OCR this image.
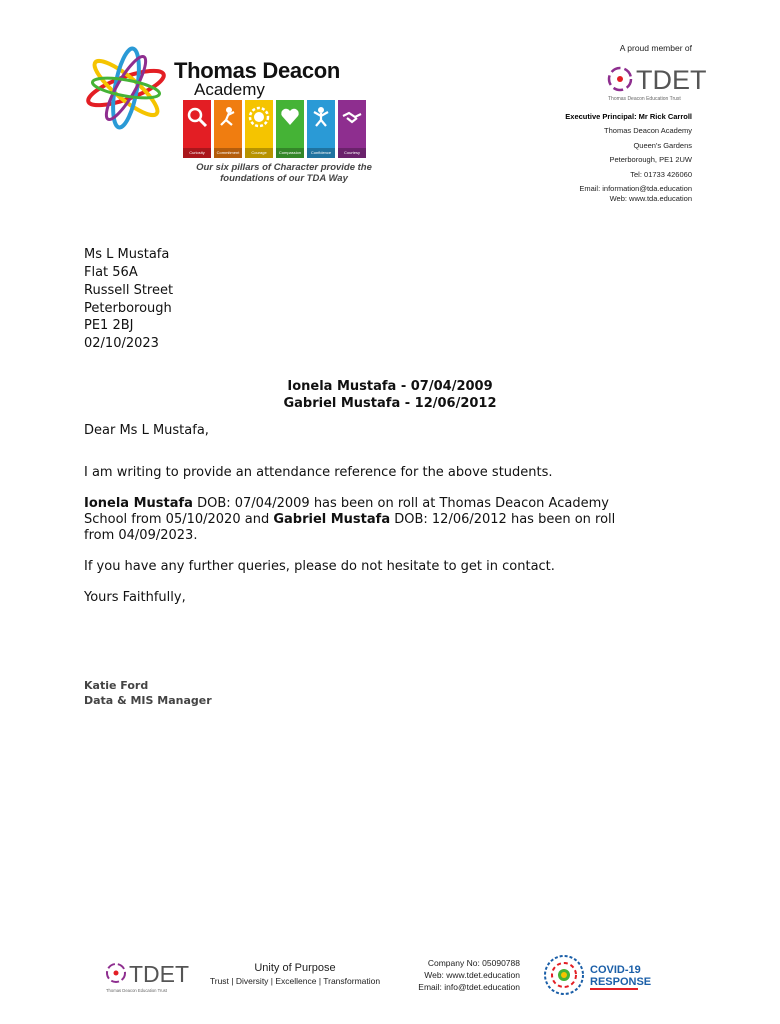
Thomas Deacon
Academy
Curiosity	Commitment	Courage	Compassion	Confidence	Courtesy
Our six pillars of Character provide the foundations of our TDA Way
A proud member of
TDET
Thomas Deacon Education Trust
Executive Principal: Mr Rick Carroll
Thomas Deacon Academy
Queen's Gardens
Peterborough, PE1 2UW
Tel: 01733 426060
Email: information@tda.education
Web: www.tda.education
Ms L Mustafa
Flat 56A
Russell Street
Peterborough
PE1 2BJ
02/10/2023
Ionela Mustafa - 07/04/2009
Gabriel Mustafa - 12/06/2012
Dear Ms L Mustafa,
I am writing to provide an attendance reference for the above students.
Ionela Mustafa DOB: 07/04/2009 has been on roll at Thomas Deacon Academy School from 05/10/2020 and Gabriel Mustafa DOB: 12/06/2012 has been on roll from 04/09/2023.
If you have any further queries, please do not hesitate to get in contact.
Yours Faithfully,
Katie Ford
Data & MIS Manager
TDET
Thomas Deacon Education Trust
Unity of Purpose
Trust | Diversity | Excellence | Transformation
Company No: 05090788
Web: www.tdet.education
Email: info@tdet.education
COVID-19
RESPONSE
